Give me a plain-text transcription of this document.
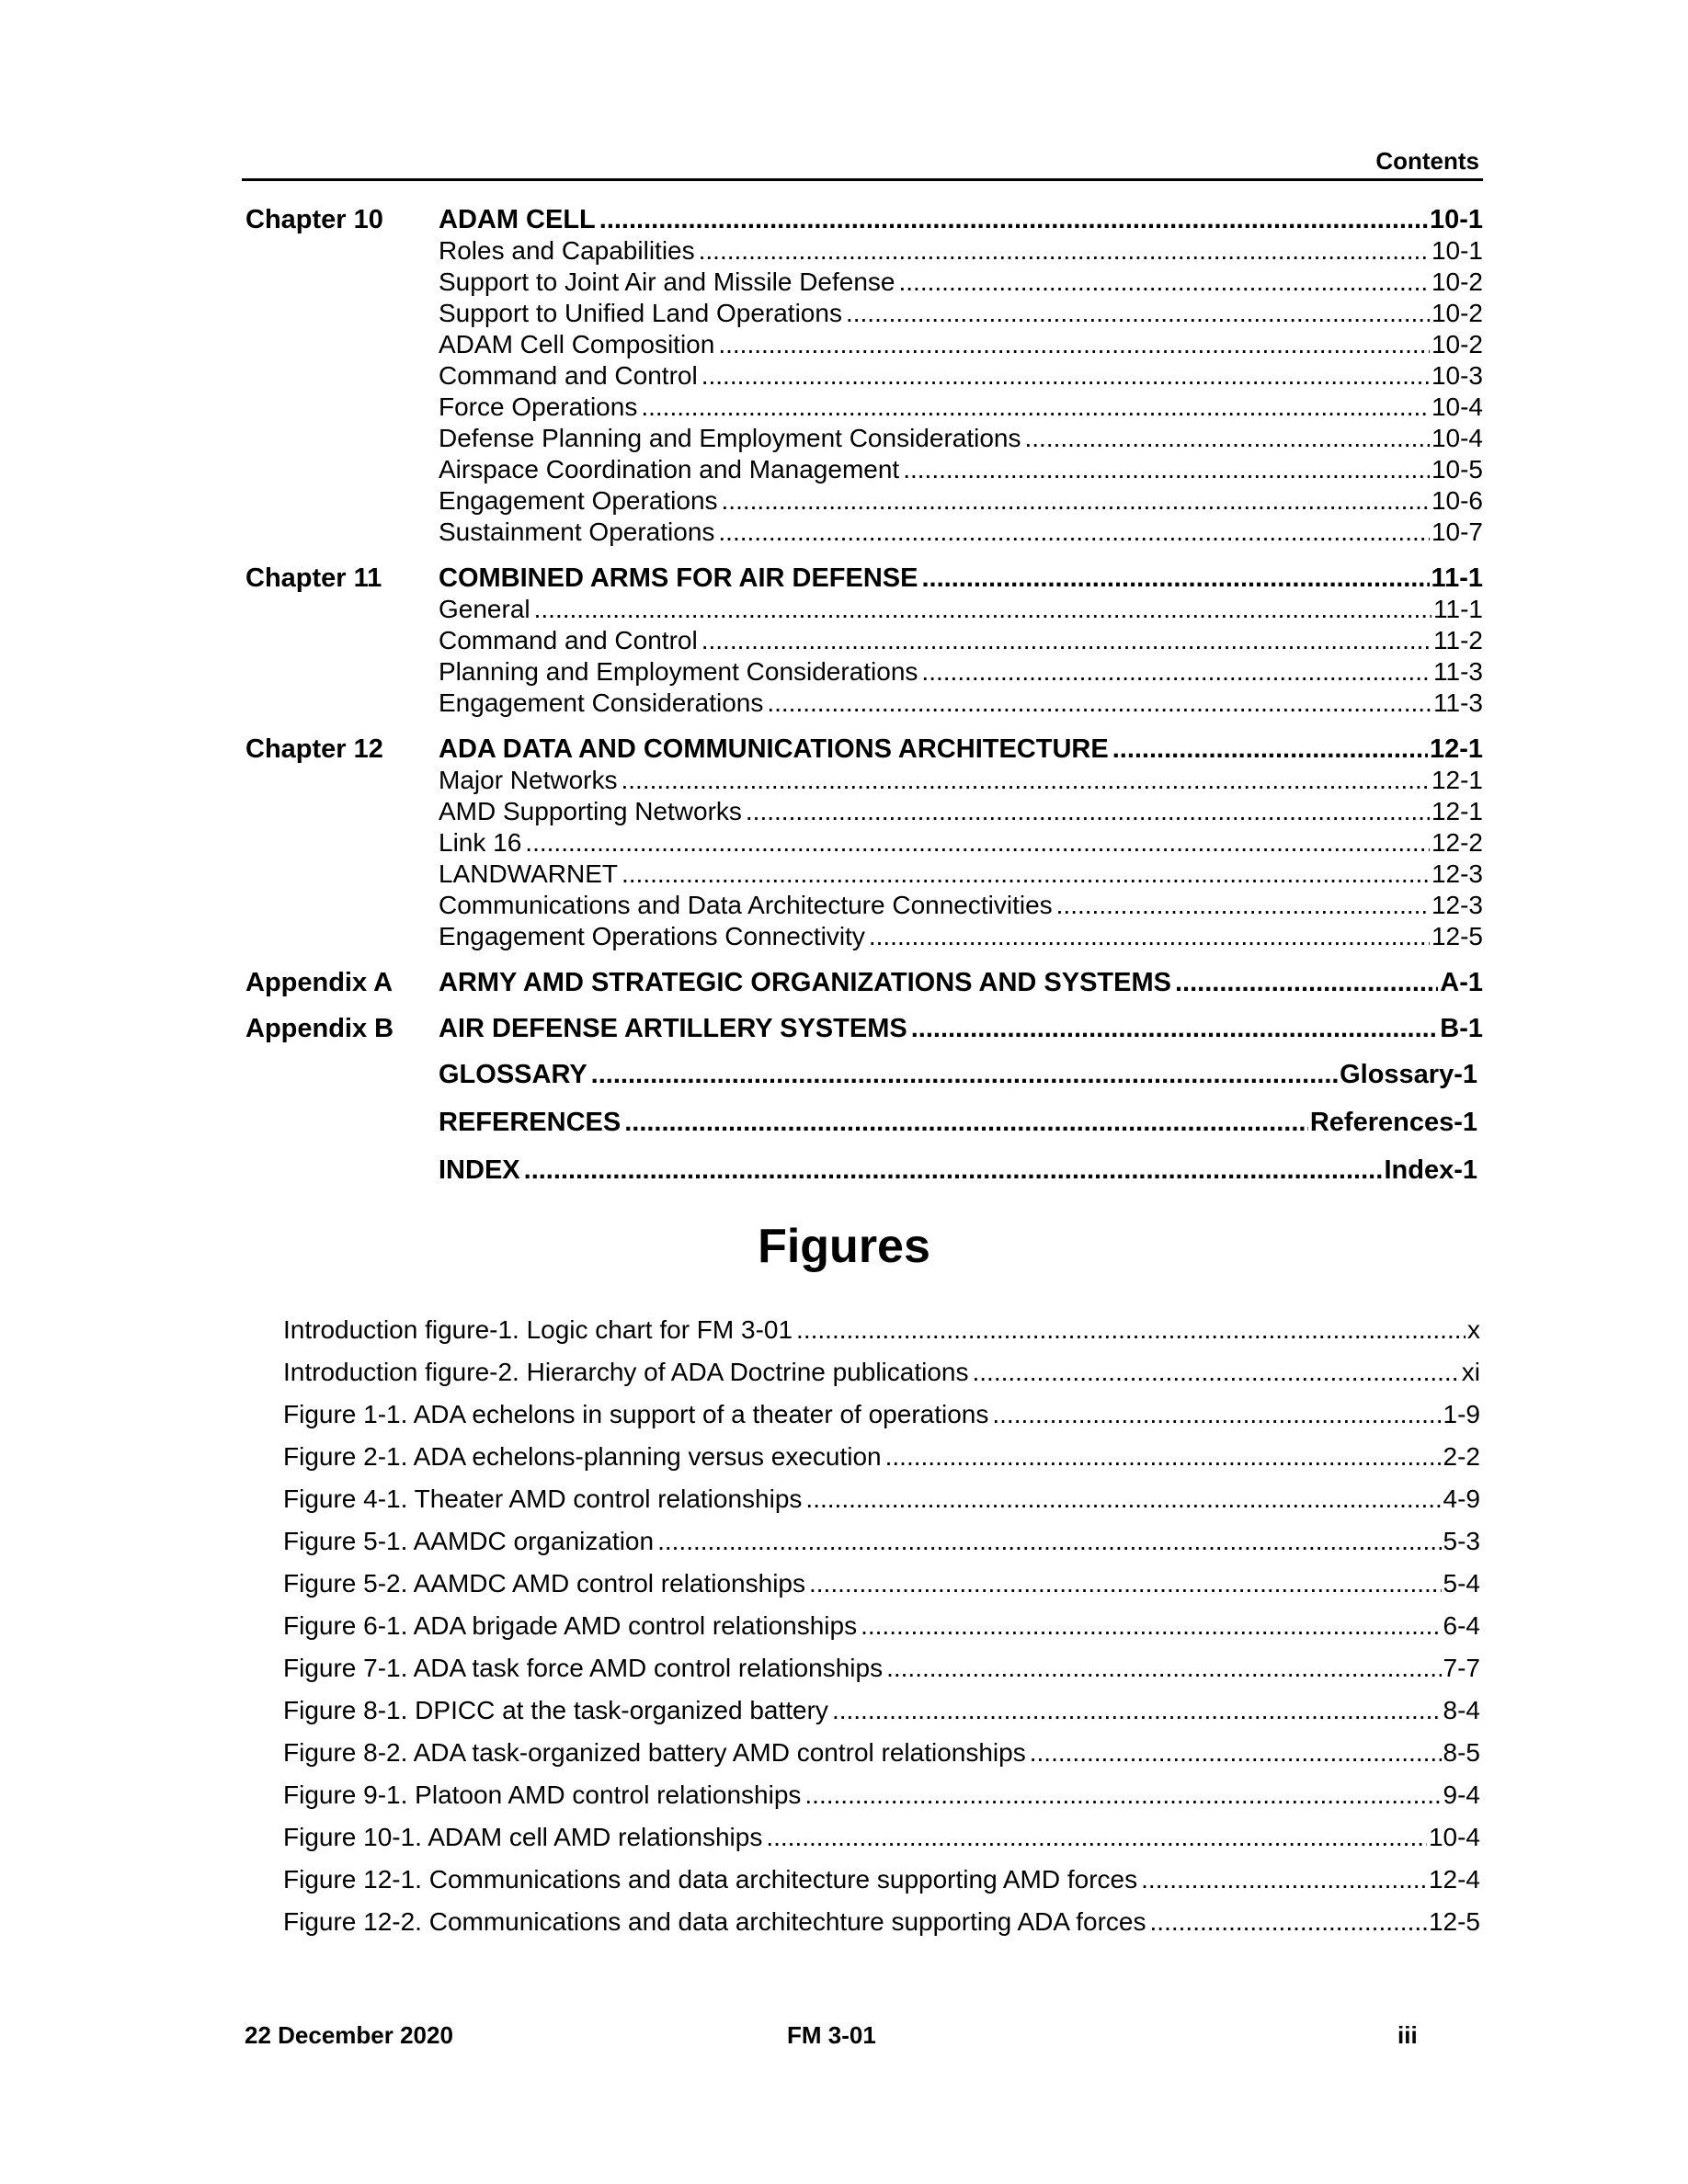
Contents
Chapter 10 ADAM CELL .....	10-1
Roles and Capabilities .....	10-1
Support to Joint Air and Missile Defense .....	10-2
Support to Unified Land Operations .....	10-2
ADAM Cell Composition .....	10-2
Command and Control .....	10-3
Force Operations .....	10-4
Defense Planning and Employment Considerations .....	10-4
Airspace Coordination and Management .....	10-5
Engagement Operations .....	10-6
Sustainment Operations .....	10-7
Chapter 11 COMBINED ARMS FOR AIR DEFENSE .....	11-1
General .....	11-1
Command and Control .....	11-2
Planning and Employment Considerations .....	11-3
Engagement Considerations .....	11-3
Chapter 12 ADA DATA AND COMMUNICATIONS ARCHITECTURE .....	12-1
Major Networks .....	12-1
AMD Supporting Networks .....	12-1
Link 16 .....	12-2
LANDWARNET .....	12-3
Communications and Data Architecture Connectivities .....	12-3
Engagement Operations Connectivity .....	12-5
Appendix A ARMY AMD STRATEGIC ORGANIZATIONS AND SYSTEMS .....	A-1
Appendix B AIR DEFENSE ARTILLERY SYSTEMS .....	B-1
GLOSSARY .....	Glossary-1
REFERENCES .....	References-1
INDEX .....	Index-1
Figures
Introduction figure-1. Logic chart for FM 3-01 .....	x
Introduction figure-2. Hierarchy of ADA Doctrine publications .....	xi
Figure 1-1. ADA echelons in support of a theater of operations .....	1-9
Figure 2-1. ADA echelons-planning versus execution .....	2-2
Figure 4-1. Theater AMD control relationships .....	4-9
Figure 5-1. AAMDC organization .....	5-3
Figure 5-2. AAMDC AMD control relationships .....	5-4
Figure 6-1. ADA brigade AMD control relationships .....	6-4
Figure 7-1. ADA task force AMD control relationships .....	7-7
Figure 8-1. DPICC at the task-organized battery .....	8-4
Figure 8-2. ADA task-organized battery AMD control relationships .....	8-5
Figure 9-1. Platoon AMD control relationships .....	9-4
Figure 10-1. ADAM cell AMD relationships .....	10-4
Figure 12-1. Communications and data architecture supporting AMD forces .....	12-4
Figure 12-2. Communications and data architechture supporting ADA forces .....	12-5
22 December 2020	FM 3-01	iii
